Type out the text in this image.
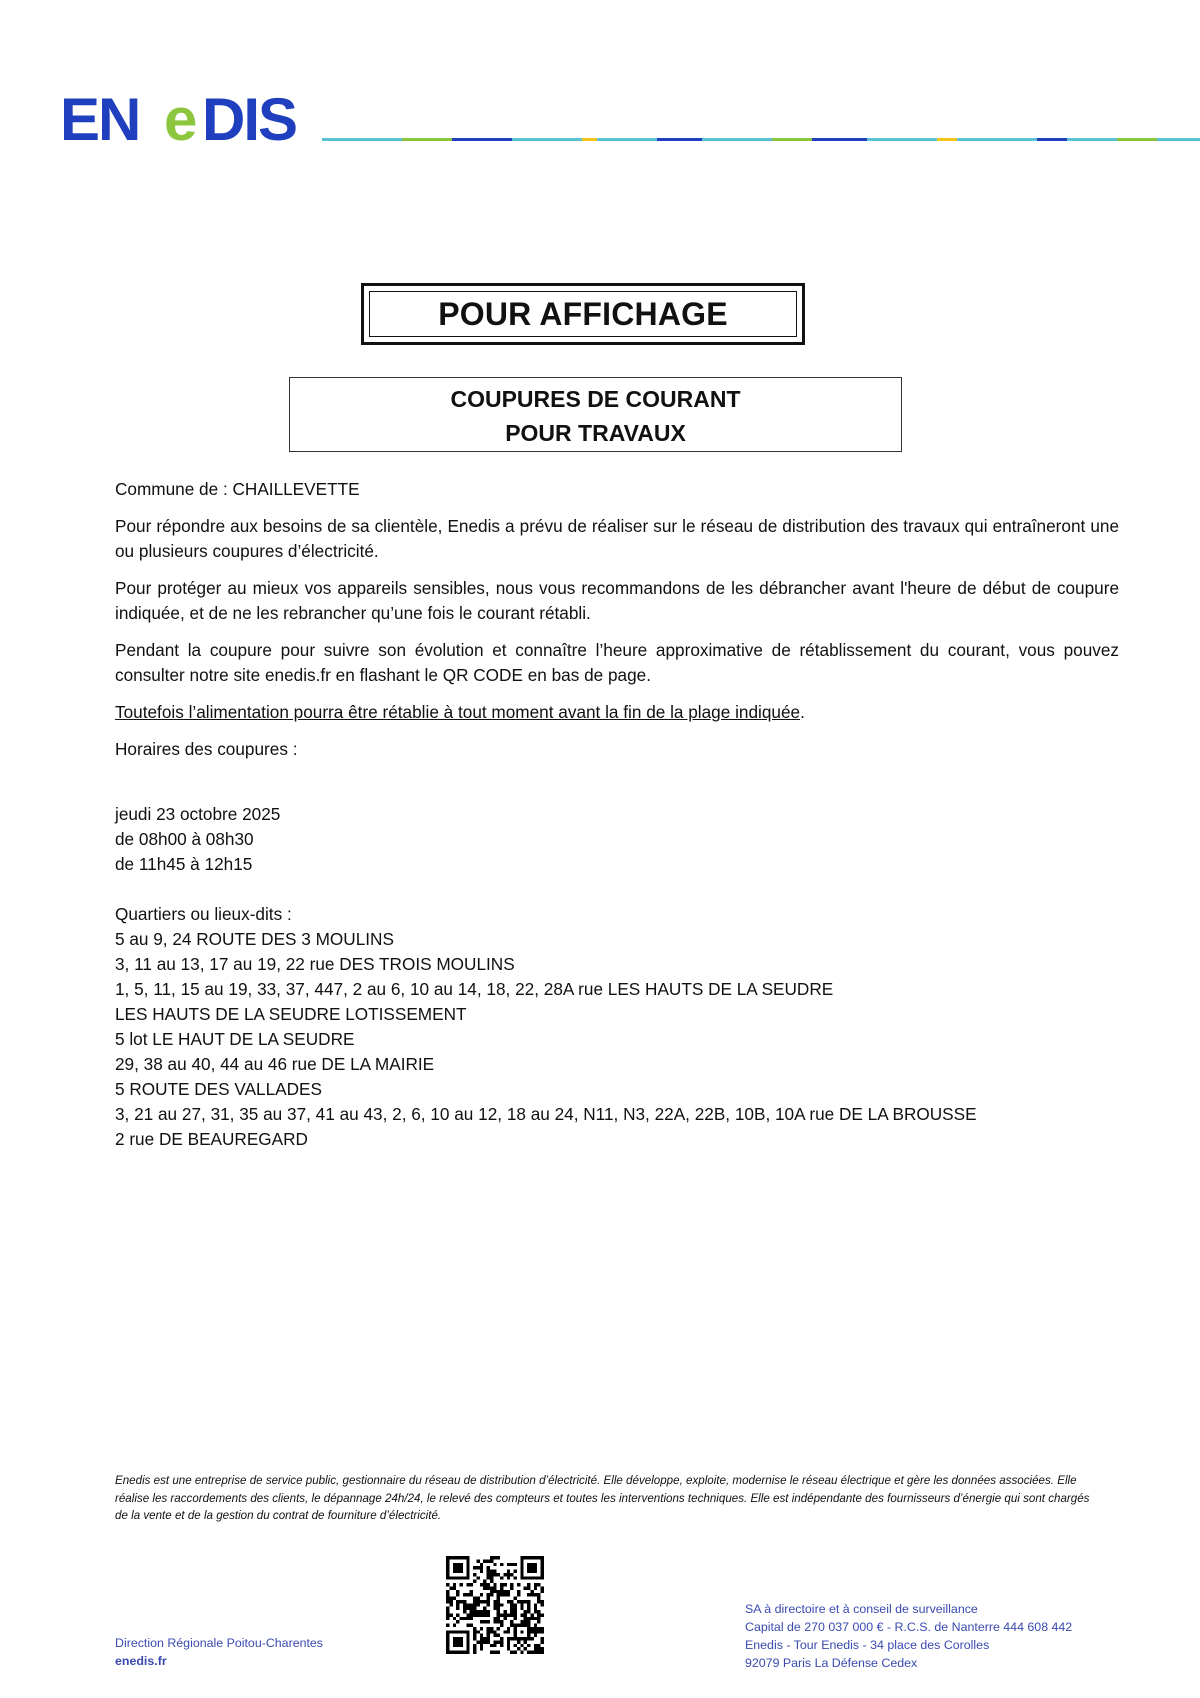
EN e DIS
POUR AFFICHAGE
COUPURES DE COURANT
POUR TRAVAUX

Commune de : CHAILLEVETTE

Pour répondre aux besoins de sa clientèle, Enedis a prévu de réaliser sur le réseau de distribution des travaux qui entraîneront une ou plusieurs coupures d’électricité.

Pour protéger au mieux vos appareils sensibles, nous vous recommandons de les débrancher avant l'heure de début de coupure indiquée, et de ne les rebrancher qu’une fois le courant rétabli.

Pendant la coupure pour suivre son évolution et connaître l’heure approximative de rétablissement du courant, vous pouvez consulter notre site enedis.fr en flashant le QR CODE en bas de page.

Toutefois l’alimentation pourra être rétablie à tout moment avant la fin de la plage indiquée.

Horaires des coupures :

jeudi 23 octobre 2025
de 08h00 à 08h30
de 11h45 à 12h15
Quartiers ou lieux-dits :
5 au 9, 24 ROUTE DES 3 MOULINS
3, 11 au 13, 17 au 19, 22 rue DES TROIS MOULINS
1, 5, 11, 15 au 19, 33, 37, 447, 2 au 6, 10 au 14, 18, 22, 28A rue LES HAUTS DE LA SEUDRE
LES HAUTS DE LA SEUDRE LOTISSEMENT
5 lot LE HAUT DE LA SEUDRE
29, 38 au 40, 44 au 46 rue DE LA MAIRIE
5 ROUTE DES VALLADES
3, 21 au 27, 31, 35 au 37, 41 au 43, 2, 6, 10 au 12, 18 au 24, N11, N3, 22A, 22B, 10B, 10A rue DE LA BROUSSE
2 rue DE BEAUREGARD
Enedis est une entreprise de service public, gestionnaire du réseau de distribution d’électricité. Elle développe, exploite, modernise le réseau électrique et gère les données associées. Elle réalise les raccordements des clients, le dépannage 24h/24, le relevé des compteurs et toutes les interventions techniques. Elle est indépendante des fournisseurs d’énergie qui sont chargés de la vente et de la gestion du contrat de fourniture d’électricité.
Direction Régionale Poitou-Charentes
enedis.fr
SA à directoire et à conseil de surveillance
Capital de 270 037 000 € - R.C.S. de Nanterre 444 608 442
Enedis - Tour Enedis - 34 place des Corolles
92079 Paris La Défense Cedex
